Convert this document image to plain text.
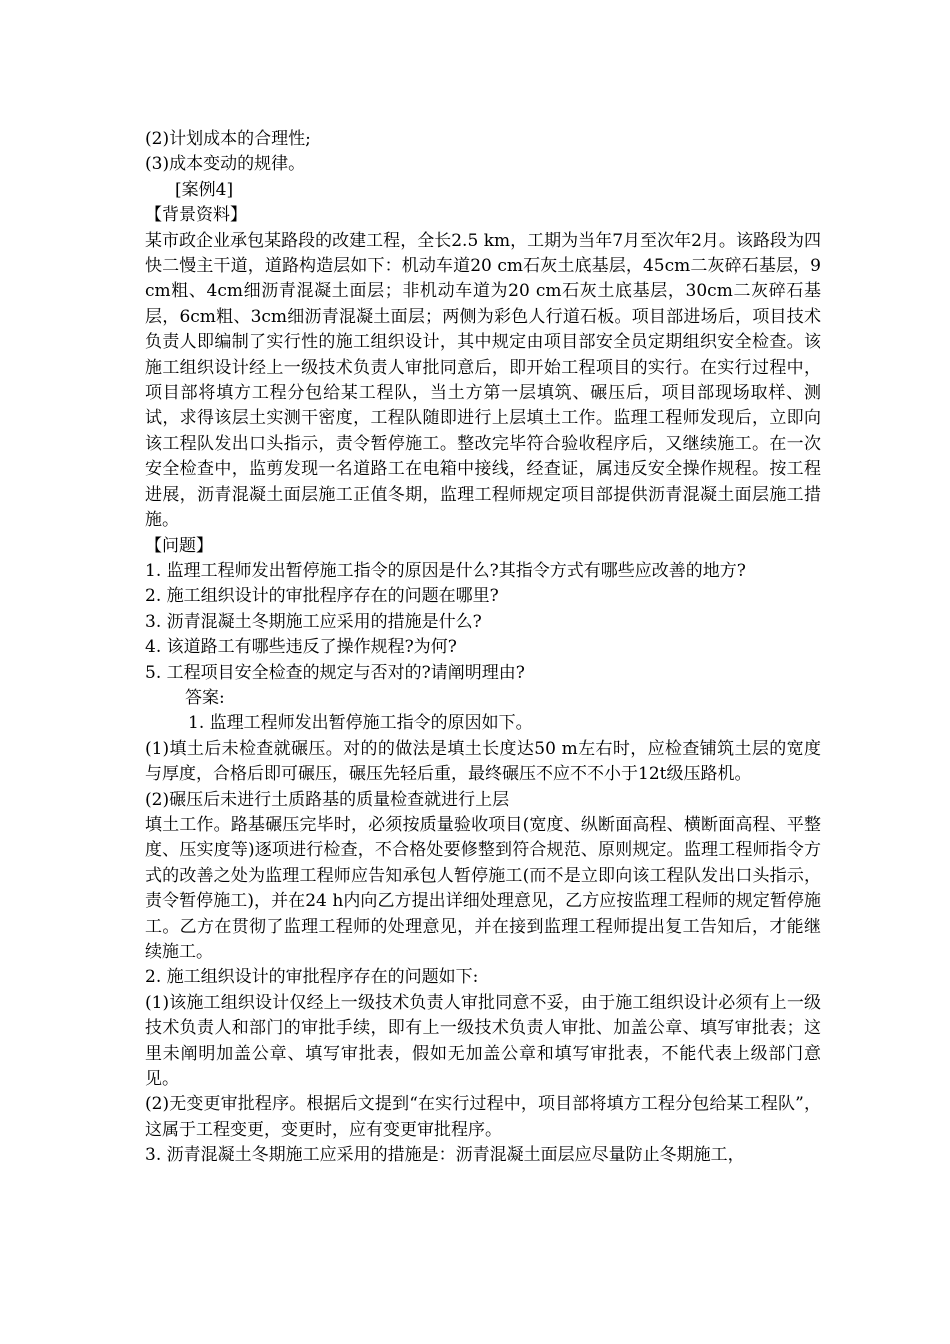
(2)计划成本的合理性;

(3)成本变动的规律。

[案例4]

【背景资料】

某市政企业承包某路段的改建工程，全长2.5 km，工期为当年7月至次年2月。该路段为四快二慢主干道，道路构造层如下：机动车道20 cm石灰土底基层，45cm二灰碎石基层，9cm粗、4cm细沥青混凝土面层；非机动车道为20 cm石灰土底基层，30cm二灰碎石基层，6cm粗、3cm细沥青混凝土面层；两侧为彩色人行道石板。项目部进场后，项目技术负责人即编制了实行性的施工组织设计，其中规定由项目部安全员定期组织安全检查。该施工组织设计经上一级技术负责人审批同意后，即开始工程项目的实行。在实行过程中，项目部将填方工程分包给某工程队，当土方第一层填筑、碾压后，项目部现场取样、测试，求得该层土实测干密度，工程队随即进行上层填土工作。监理工程师发现后，立即向该工程队发出口头指示，责令暂停施工。整改完毕符合验收程序后，又继续施工。在一次安全检查中，监剪发现一名道路工在电箱中接线，经查证，属违反安全操作规程。按工程进展，沥青混凝土面层施工正值冬期，监理工程师规定项目部提供沥青混凝土面层施工措施。

【问题】

1. 监理工程师发出暂停施工指令的原因是什么?其指令方式有哪些应改善的地方?

2. 施工组织设计的审批程序存在的问题在哪里?

3. 沥青混凝土冬期施工应采用的措施是什么?

4. 该道路工有哪些违反了操作规程?为何?

5. 工程项目安全检查的规定与否对的?请阐明理由?

答案:

1. 监理工程师发出暂停施工指令的原因如下。

(1)填土后未检查就碾压。对的的做法是填土长度达50 m左右时，应检查铺筑土层的宽度与厚度，合格后即可碾压，碾压先轻后重，最终碾压不应不不小于12t级压路机。

(2)碾压后未进行土质路基的质量检查就进行上层

填土工作。路基碾压完毕时，必须按质量验收项目(宽度、纵断面高程、横断面高程、平整度、压实度等)逐项进行检查，不合格处要修整到符合规范、原则规定。监理工程师指令方式的改善之处为监理工程师应告知承包人暂停施工(而不是立即向该工程队发出口头指示，责令暂停施工)，并在24 h内向乙方提出详细处理意见，乙方应按监理工程师的规定暂停施工。乙方在贯彻了监理工程师的处理意见，并在接到监理工程师提出复工告知后，才能继续施工。

2. 施工组织设计的审批程序存在的问题如下:

(1)该施工组织设计仅经上一级技术负责人审批同意不妥，由于施工组织设计必须有上一级技术负责人和部门的审批手续，即有上一级技术负责人审批、加盖公章、填写审批表；这里未阐明加盖公章、填写审批表，假如无加盖公章和填写审批表，不能代表上级部门意见。

(2)无变更审批程序。根据后文提到“在实行过程中，项目部将填方工程分包给某工程队”，这属于工程变更，变更时，应有变更审批程序。

3. 沥青混凝土冬期施工应采用的措施是：沥青混凝土面层应尽量防止冬期施工，
